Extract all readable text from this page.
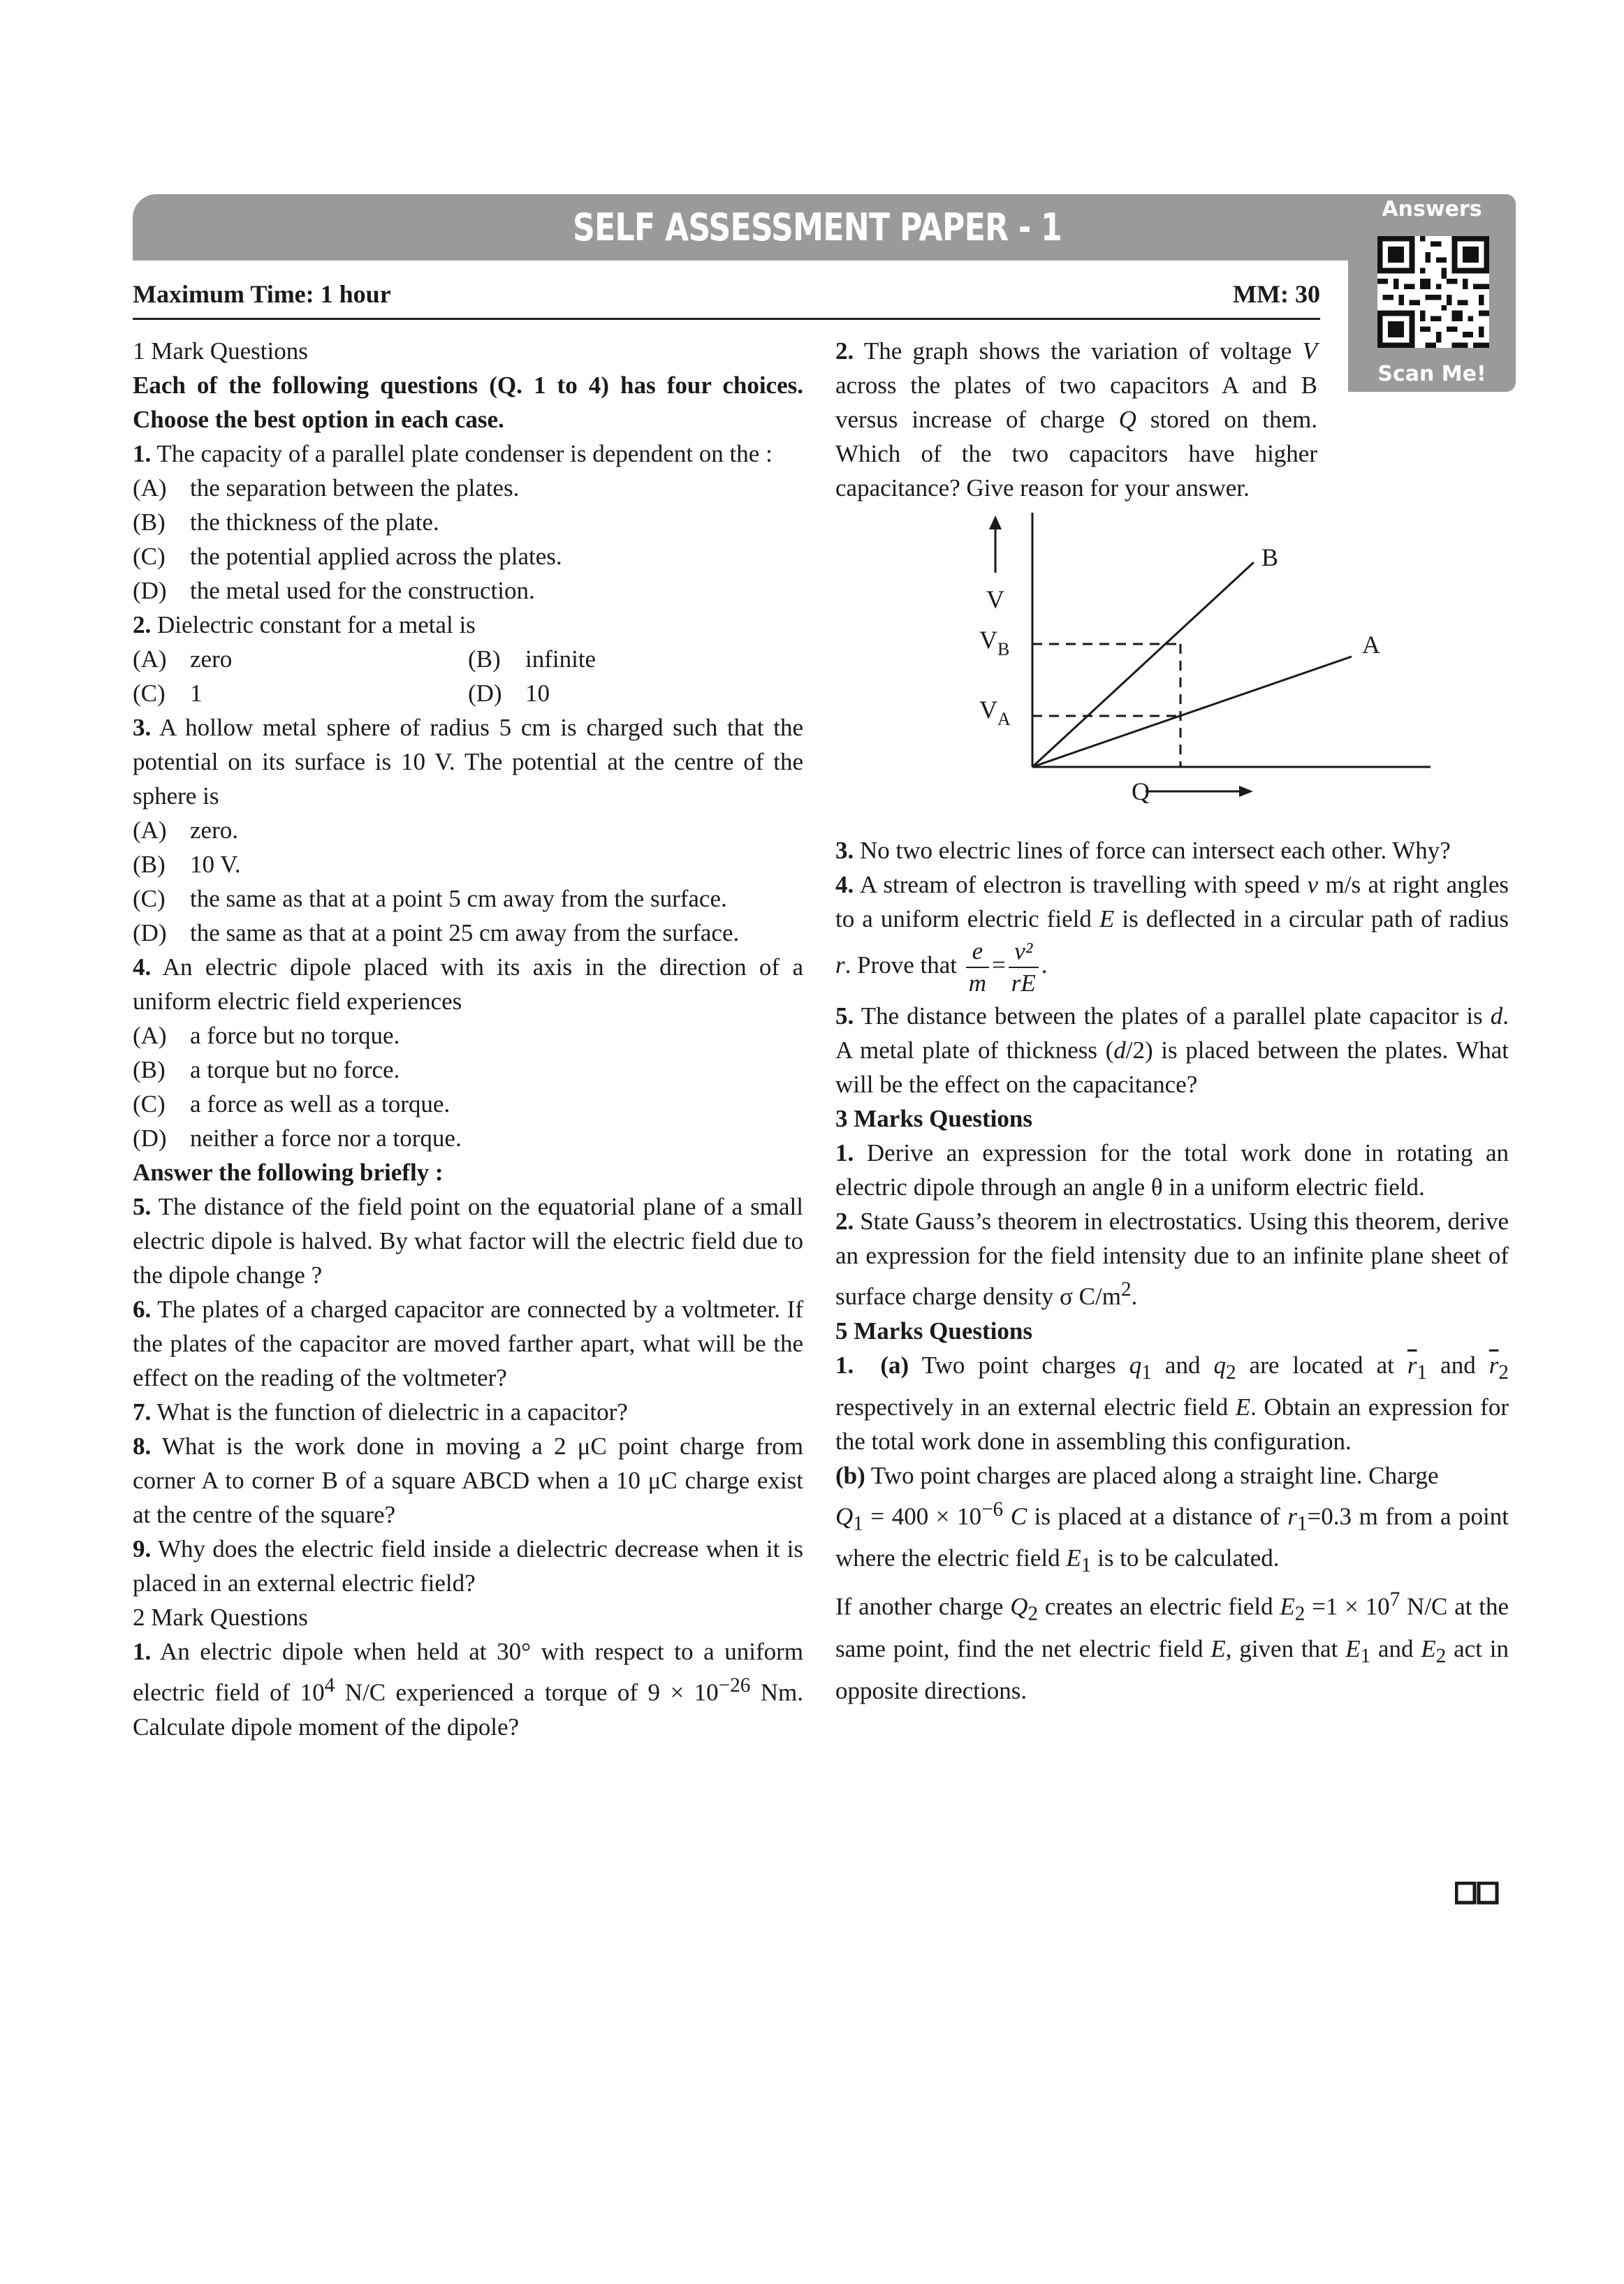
SELF ASSESSMENT PAPER - 1	Answers
Scan Me!
Maximum Time: 1 hour	MM: 30

1 Mark Questions

Each of the following questions (Q. 1 to 4) has four choices. Choose the best option in each case.

1. The capacity of a parallel plate condenser is dependent on the :

(A) the separation between the plates.
(B)	the thickness of the plate.
(C)	the potential applied across the plates.
(D) the metal used for the construction.

2. Dielectric constant for a metal is

(A) zero	(B)	infinite
(C)	1	(D) 10

3. A hollow metal sphere of radius 5 cm is charged such that the potential on its surface is 10 V. The potential at the centre of the sphere is

(A) zero.
(B)	10 V.
(C)	the same as that at a point 5 cm away from the surface.
(D) the same as that at a point 25 cm away from the surface.

4. An electric dipole placed with its axis in the direction of a uniform electric field experiences

(A) a force but no torque.
(B)	a torque but no force.
(C)	a force as well as a torque.
(D) neither a force nor a torque.

Answer the following briefly :

5. The distance of the field point on the equatorial plane of a small electric dipole is halved. By what factor will the electric field due to the dipole change ?

6. The plates of a charged capacitor are connected by a voltmeter. If the plates of the capacitor are moved farther apart, what will be the effect on the reading of the voltmeter?

7. What is the function of dielectric in a capacitor?

8. What is the work done in moving a 2 μC point charge from corner A to corner B of a square ABCD when a 10 μC charge exist at the centre of the square?

9. Why does the electric field inside a dielectric decrease when it is placed in an external electric field?

2 Mark Questions

1. An electric dipole when held at 30° with respect to a uniform electric field of $10^4$ N/C experienced a torque of $9 \times 10^{-26}$ Nm. Calculate dipole moment of the dipole?

2. The graph shows the variation of voltage V across the plates of two capacitors A and B versus increase of charge Q stored on them. Which of the two capacitors have higher capacitance? Give reason for your answer.

3. No two electric lines of force can intersect each other. Why?

4. A stream of electron is travelling with speed v m/s at right angles to a uniform electric field E is deflected in a circular path of radius r. Prove that $\frac{e}{m} = \frac{\text{v²}}{rE}$ .

5. The distance between the plates of a parallel plate capacitor is d. A metal plate of thickness (d/2) is placed between the plates. What will be the effect on the capacitance?

3 Marks Questions

1. Derive an expression for the total work done in rotating an electric dipole through an angle θ in a uniform electric field.

2. State Gauss’s theorem in electrostatics. Using this theorem, derive an expression for the field intensity due to an infinite plane sheet of surface charge density σ $C/m^2$.

5 Marks Questions

1. (a) Two point charges $q_1$ and $q_2$ are located at $\overline{r}_1$ and $\overline{r}_2$ respectively in an external electric field E. Obtain an expression for the total work done in assembling this configuration.

(b) Two point charges are placed along a straight line. Charge

$Q_1 = 400 \times 10^{-6}$ C is placed at a distance of $r_1=0.3$ m from a point where the electric field $E_1$ is to be calculated.

If another charge $Q_2$ creates an electric field $E_2 =1 \times 10^7$ N/C at the same point, find the net electric field E, given that $E_1$ and $E_2$ act in opposite directions.

V
Q
B
A
$V_B$
$V_A$
